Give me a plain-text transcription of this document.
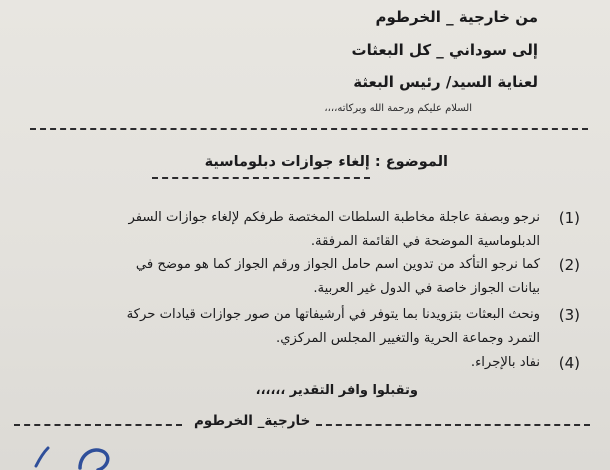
من خارجية _ الخرطوم
إلى سوداني _ كل البعثات
لعناية السيد/ رئيس البعثة
السلام عليكم ورحمة الله وبركاته،،،،
الموضوع : إلغاء جوازات دبلوماسية
(1)
نرجو وبصفة عاجلة مخاطبة السلطات المختصة طرفكم لإلغاء جوازات السفر
الدبلوماسية الموضحة في القائمة المرفقة.
(2)
كما نرجو التأكد من تدوين اسم حامل الجواز ورقم الجواز كما هو موضح في
بيانات الجواز خاصة في الدول غير العربية.
(3)
ونحث البعثات بتزويدنا بما يتوفر في أرشيفاتها من صور جوازات قيادات حركة
التمرد وجماعة الحرية والتغيير المجلس المركزي.
(4)
نفاد بالإجراء.
وتقبلوا وافر التقدير ،،،،،،
خارجية_ الخرطوم
